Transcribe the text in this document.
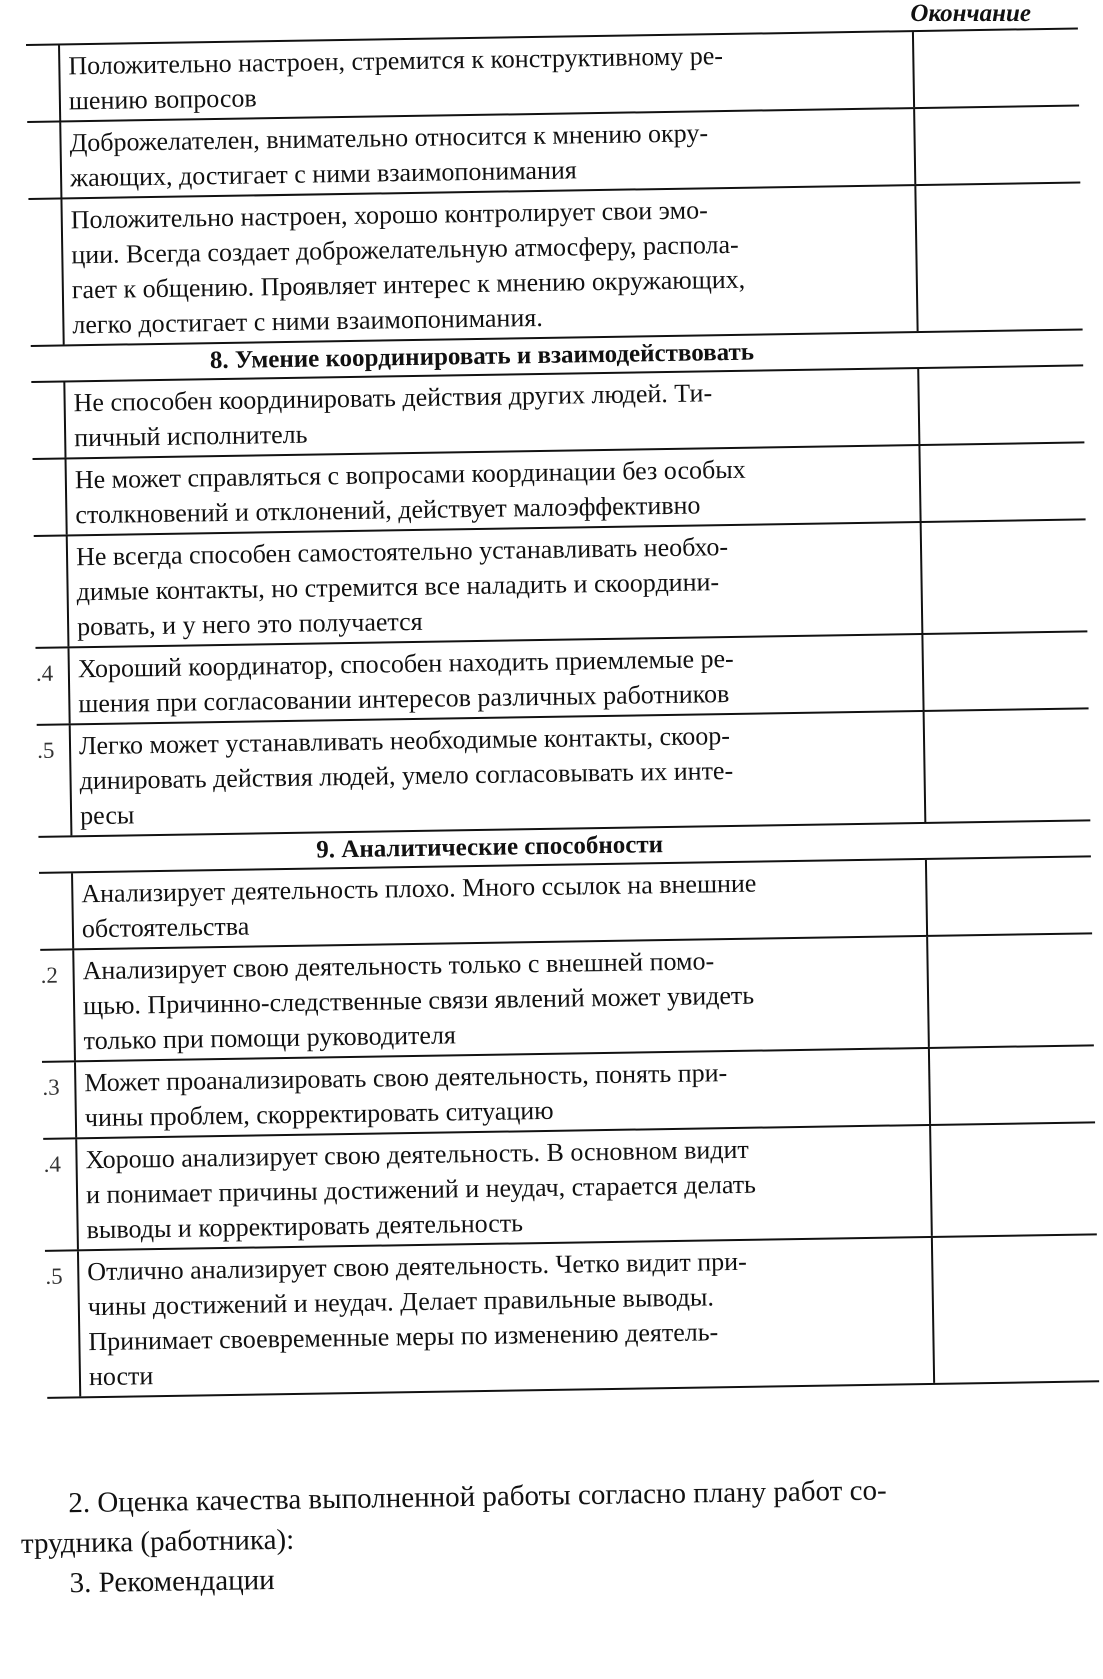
Окончание
Положительно настроен, стремится к конструктивному ре-
шению вопросов
Доброжелателен, внимательно относится к мнению окру-
жающих, достигает с ними взаимопонимания
Положительно настроен, хорошо контролирует свои эмо-
ции. Всегда создает доброжелательную атмосферу, распола-
гает к общению. Проявляет интерес к мнению окружающих,
легко достигает с ними взаимопонимания.
8. Умение координировать и взаимодействовать
Не способен координировать действия других людей. Ти-
пичный исполнитель
Не может справляться с вопросами координации без особых
столкновений и отклонений, действует малоэффективно
Не всегда способен самостоятельно устанавливать необхо-
димые контакты, но стремится все наладить и скоордини-
ровать, и у него это получается
.4 Хороший координатор, способен находить приемлемые ре-
шения при согласовании интересов различных работников
.5 Легко может устанавливать необходимые контакты, скоор-
динировать действия людей, умело согласовывать их инте-
ресы
9. Аналитические способности
Анализирует деятельность плохо. Много ссылок на внешние
обстоятельства
.2 Анализирует свою деятельность только с внешней помо-
щью. Причинно-следственные связи явлений может увидеть
только при помощи руководителя
.3 Может проанализировать свою деятельность, понять при-
чины проблем, скорректировать ситуацию
.4 Хорошо анализирует свою деятельность. В основном видит
и понимает причины достижений и неудач, старается делать
выводы и корректировать деятельность
.5 Отлично анализирует свою деятельность. Четко видит при-
чины достижений и неудач. Делает правильные выводы.
Принимает своевременные меры по изменению деятель-
ности

2. Оценка качества выполненной работы согласно плану работ со-

трудника (работника):

3. Рекомендации
